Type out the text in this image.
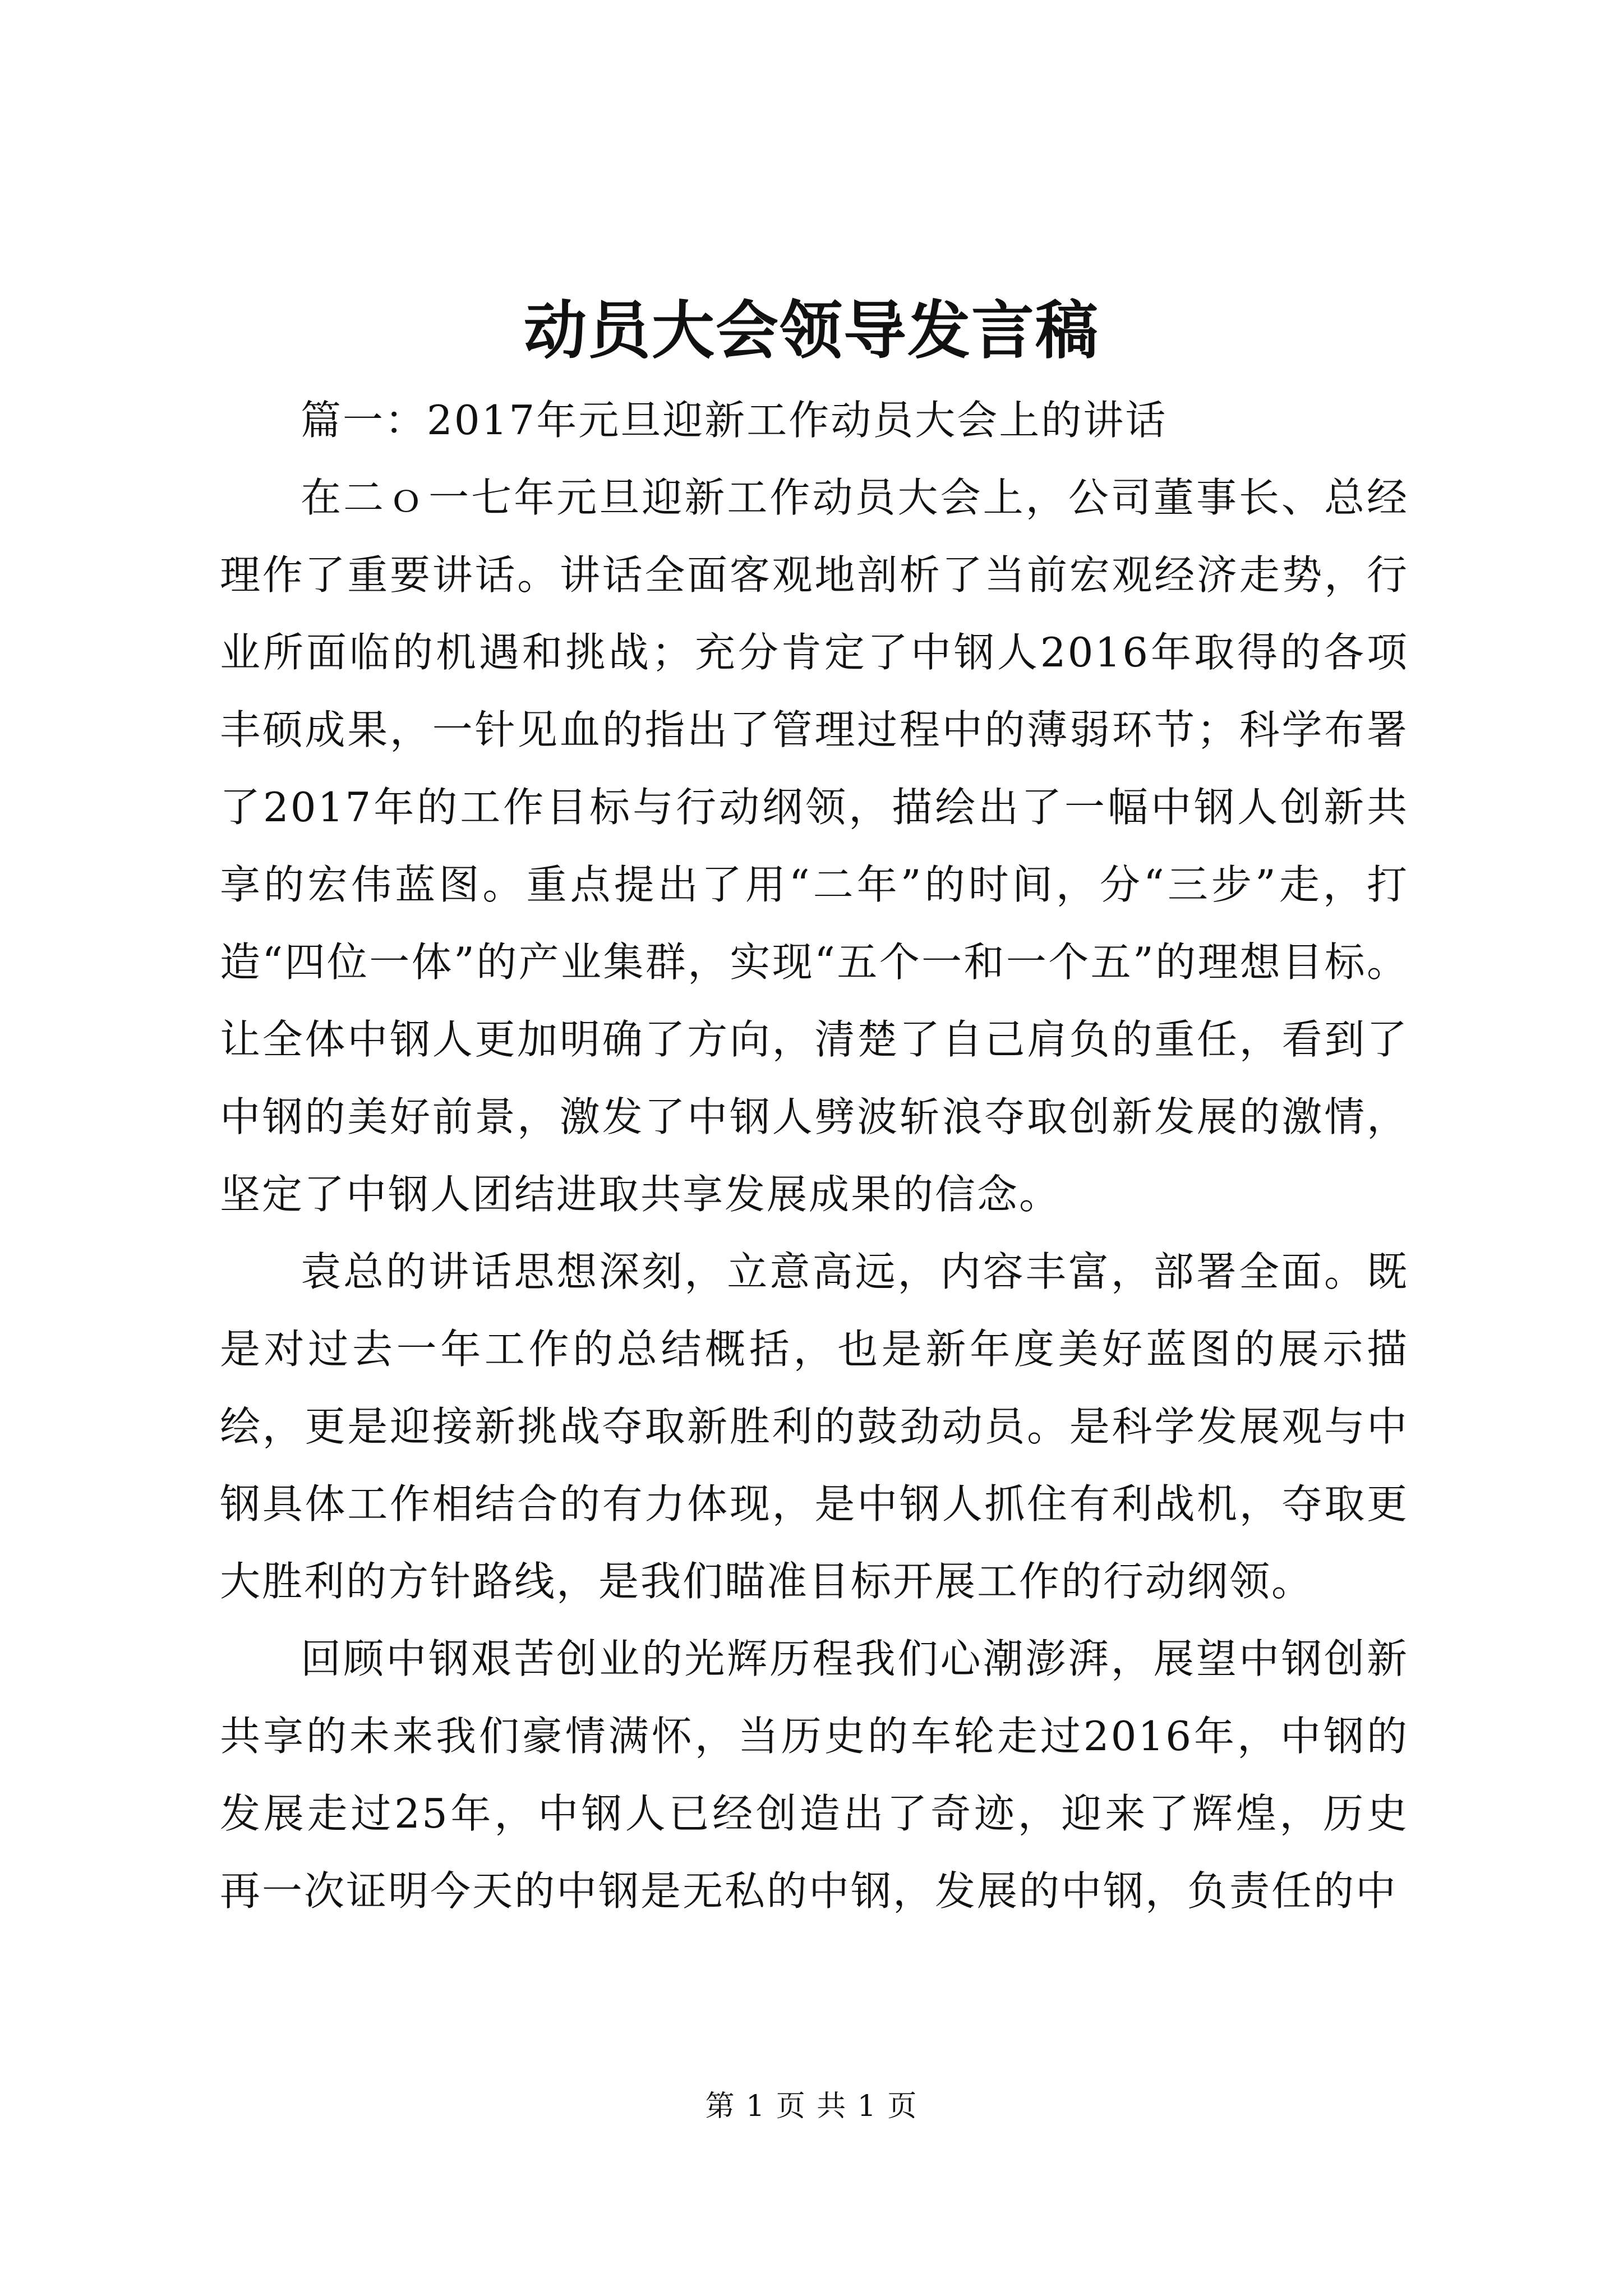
动员大会领导发言稿

篇一：2017年元旦迎新工作动员大会上的讲话

在二ｏ一七年元旦迎新工作动员大会上，公司董事长、总经理作了重要讲话。讲话全面客观地剖析了当前宏观经济走势，行业所面临的机遇和挑战；充分肯定了中钢人2016年取得的各项丰硕成果，一针见血的指出了管理过程中的薄弱环节；科学布署了2017年的工作目标与行动纲领，描绘出了一幅中钢人创新共享的宏伟蓝图。重点提出了用“二年”的时间，分“三步”走，打造“四位一体”的产业集群，实现“五个一和一个五”的理想目标。让全体中钢人更加明确了方向，清楚了自己肩负的重任，看到了中钢的美好前景，激发了中钢人劈波斩浪夺取创新发展的激情，坚定了中钢人团结进取共享发展成果的信念。

袁总的讲话思想深刻，立意高远，内容丰富，部署全面。既是对过去一年工作的总结概括，也是新年度美好蓝图的展示描绘，更是迎接新挑战夺取新胜利的鼓劲动员。是科学发展观与中钢具体工作相结合的有力体现，是中钢人抓住有利战机，夺取更大胜利的方针路线，是我们瞄准目标开展工作的行动纲领。

回顾中钢艰苦创业的光辉历程我们心潮澎湃，展望中钢创新共享的未来我们豪情满怀，当历史的车轮走过2016年，中钢的发展走过25年，中钢人已经创造出了奇迹，迎来了辉煌，历史再一次证明今天的中钢是无私的中钢，发展的中钢，负责任的中

第 1 页 共 1 页
